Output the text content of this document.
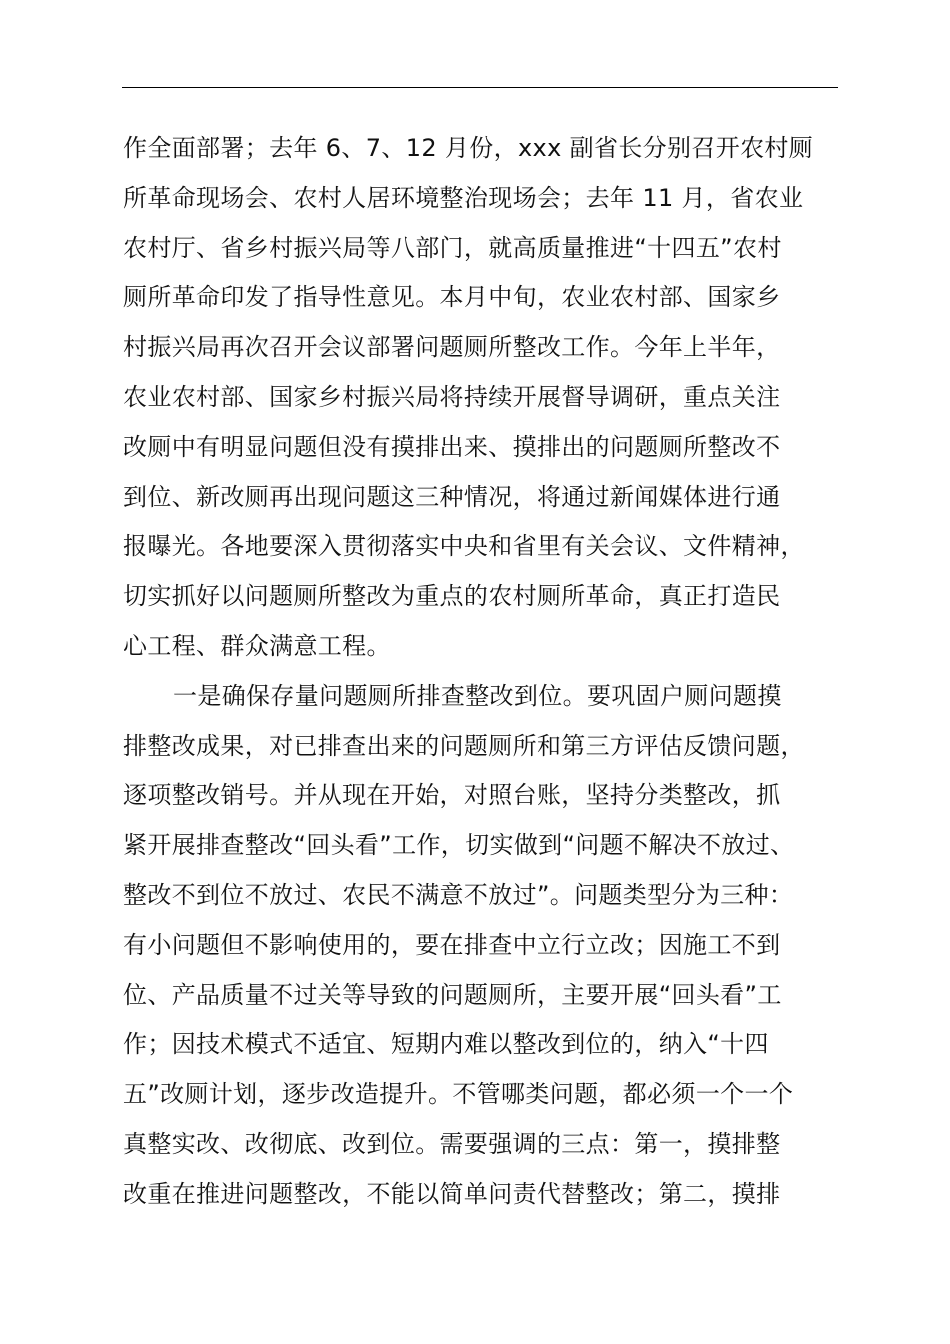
作全面部署；去年 6、7、12 月份，xxx 副省长分别召开农村厕
所革命现场会、农村人居环境整治现场会；去年 11 月，省农业
农村厅、省乡村振兴局等八部门，就高质量推进“十四五”农村
厕所革命印发了指导性意见。本月中旬，农业农村部、国家乡
村振兴局再次召开会议部署问题厕所整改工作。今年上半年，
农业农村部、国家乡村振兴局将持续开展督导调研，重点关注
改厕中有明显问题但没有摸排出来、摸排出的问题厕所整改不
到位、新改厕再出现问题这三种情况，将通过新闻媒体进行通
报曝光。各地要深入贯彻落实中央和省里有关会议、文件精神，
切实抓好以问题厕所整改为重点的农村厕所革命，真正打造民
心工程、群众满意工程。
一是确保存量问题厕所排查整改到位。要巩固户厕问题摸
排整改成果，对已排查出来的问题厕所和第三方评估反馈问题，
逐项整改销号。并从现在开始，对照台账，坚持分类整改，抓
紧开展排查整改“回头看”工作，切实做到“问题不解决不放过、
整改不到位不放过、农民不满意不放过”。问题类型分为三种：
有小问题但不影响使用的，要在排查中立行立改；因施工不到
位、产品质量不过关等导致的问题厕所，主要开展“回头看”工
作；因技术模式不适宜、短期内难以整改到位的，纳入“十四
五”改厕计划，逐步改造提升。不管哪类问题，都必须一个一个
真整实改、改彻底、改到位。需要强调的三点：第一，摸排整
改重在推进问题整改，不能以简单问责代替整改；第二，摸排
